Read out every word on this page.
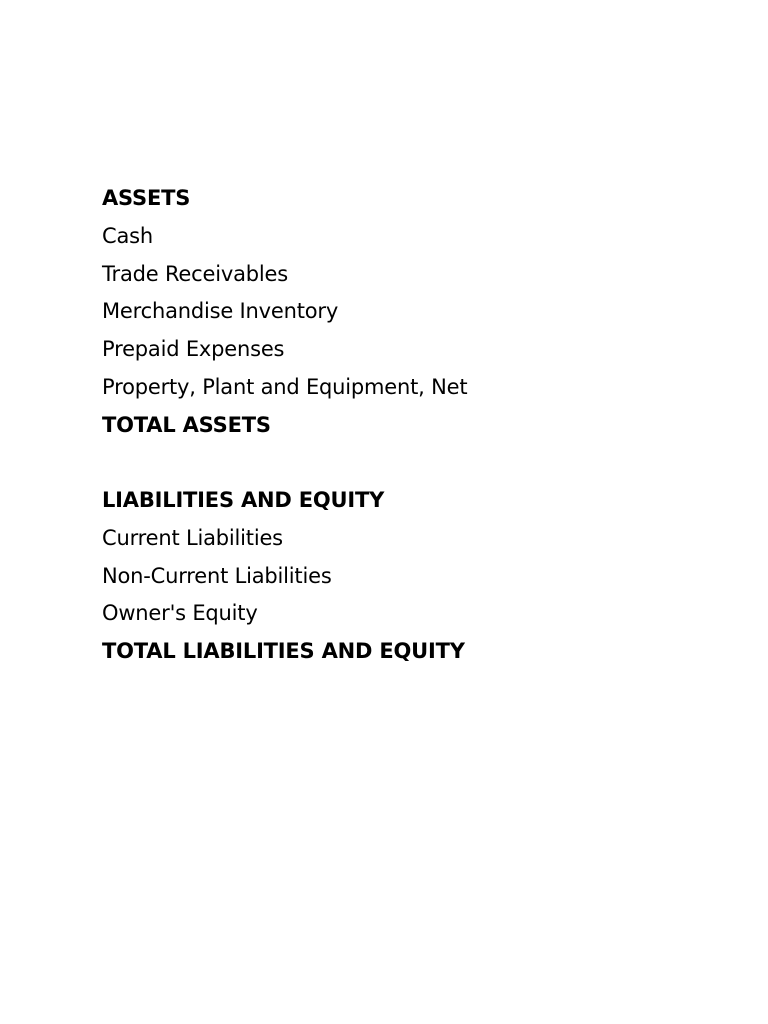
ASSETS
Cash
Trade Receivables
Merchandise Inventory
Prepaid Expenses
Property, Plant and Equipment, Net
TOTAL ASSETS
LIABILITIES AND EQUITY
Current Liabilities
Non-Current Liabilities
Owner's Equity
TOTAL LIABILITIES AND EQUITY
